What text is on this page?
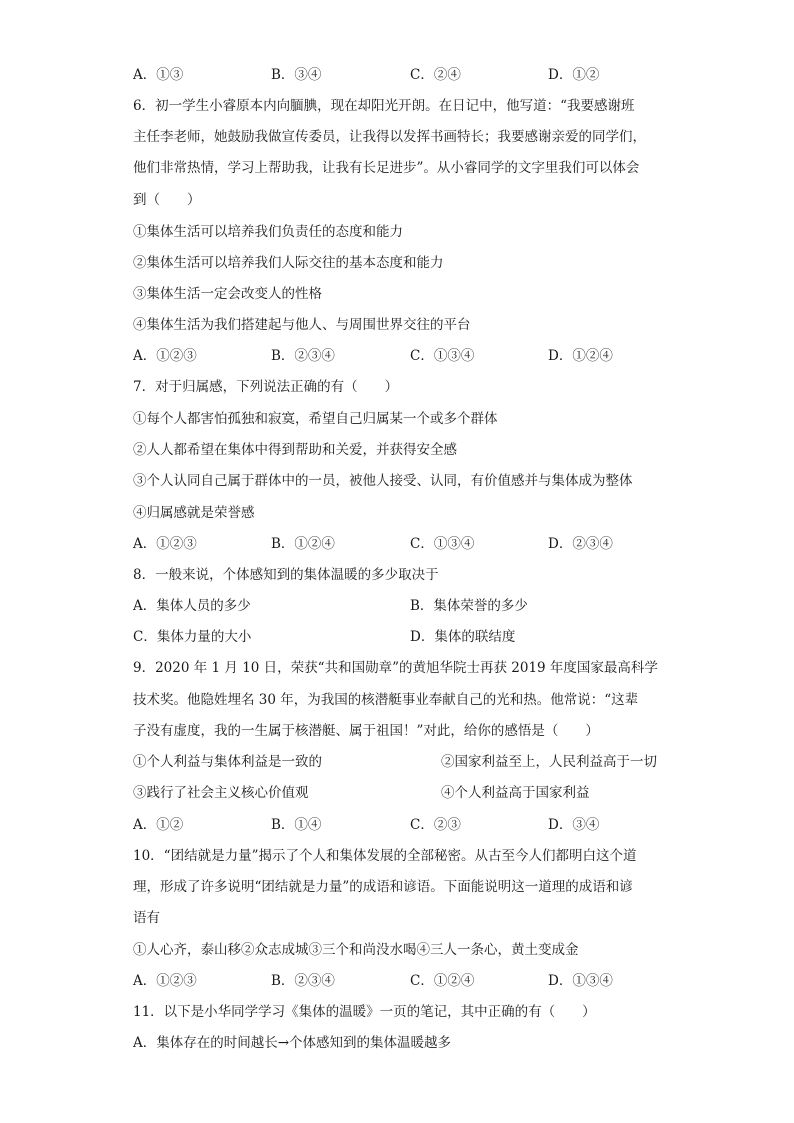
A．①③	B．③④	C．②④	D．①②
6．初一学生小睿原本内向腼腆，现在却阳光开朗。在日记中，他写道：“我要感谢班
主任李老师，她鼓励我做宣传委员，让我得以发挥书画特长；我要感谢亲爱的同学们，
他们非常热情，学习上帮助我，让我有长足进步”。从小睿同学的文字里我们可以体会
到（　　）
①集体生活可以培养我们负责任的态度和能力
②集体生活可以培养我们人际交往的基本态度和能力
③集体生活一定会改变人的性格
④集体生活为我们搭建起与他人、与周围世界交往的平台
A．①②③	B．②③④	C．①③④	D．①②④
7．对于归属感，下列说法正确的有（　　）
①每个人都害怕孤独和寂寞，希望自己归属某一个或多个群体
②人人都希望在集体中得到帮助和关爱，并获得安全感
③个人认同自己属于群体中的一员，被他人接受、认同，有价值感并与集体成为整体
④归属感就是荣誉感
A．①②③	B．①②④	C．①③④	D．②③④
8．一般来说，个体感知到的集体温暖的多少取决于
A．集体人员的多少	B．集体荣誉的多少
C．集体力量的大小	D．集体的联结度
9．2020 年 1 月 10 日，荣获“共和国勋章”的黄旭华院士再获 2019 年度国家最高科学
技术奖。他隐姓埋名 30 年，为我国的核潜艇事业奉献自己的光和热。他常说：“这辈
子没有虚度，我的一生属于核潜艇、属于祖国！”对此，给你的感悟是（　　）
①个人利益与集体利益是一致的	②国家利益至上，人民利益高于一切
③践行了社会主义核心价值观	④个人利益高于国家利益
A．①②	B．①④	C．②③	D．③④
10．“团结就是力量”揭示了个人和集体发展的全部秘密。从古至今人们都明白这个道
理，形成了许多说明“团结就是力量”的成语和谚语。下面能说明这一道理的成语和谚
语有
①人心齐，泰山移②众志成城③三个和尚没水喝④三人一条心，黄土变成金
A．①②③	B．②③④	C．①②④	D．①③④
11．以下是小华同学学习《集体的温暖》一页的笔记，其中正确的有（　　）
A．集体存在的时间越长→个体感知到的集体温暖越多
